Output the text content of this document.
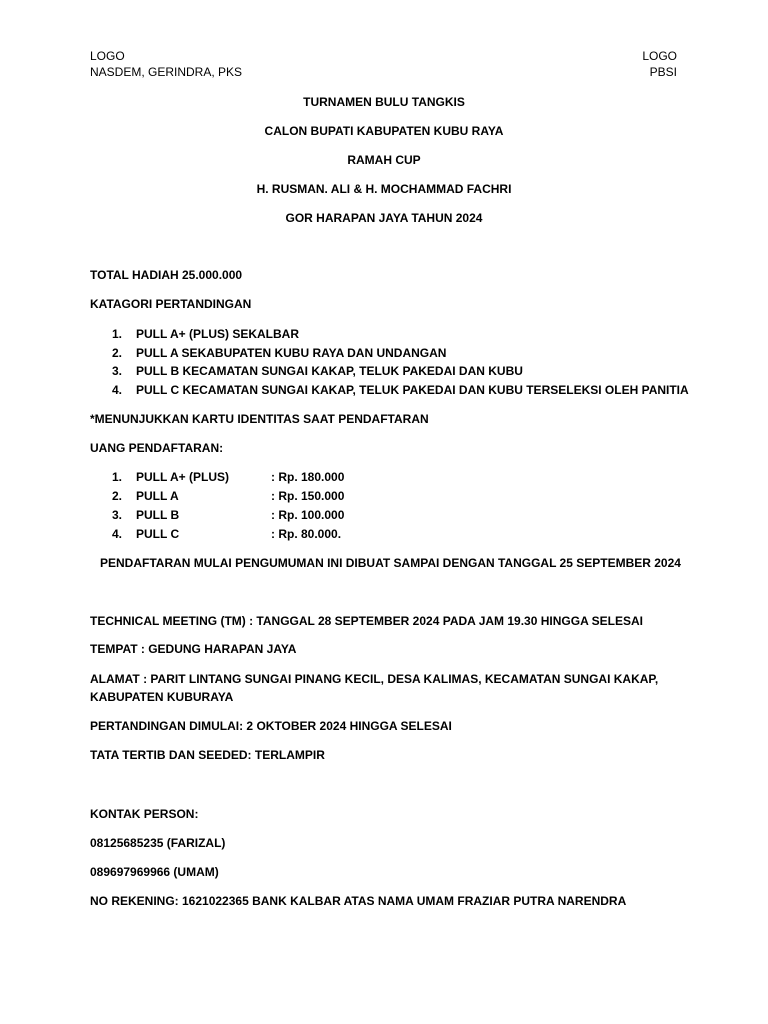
LOGO
NASDEM, GERINDRA, PKS
LOGO
PBSI
TURNAMEN BULU TANGKIS
CALON BUPATI KABUPATEN KUBU RAYA
RAMAH CUP
H. RUSMAN. ALI & H. MOCHAMMAD FACHRI
GOR HARAPAN JAYA TAHUN 2024
TOTAL HADIAH 25.000.000
KATAGORI PERTANDINGAN
1. PULL A+ (PLUS) SEKALBAR
2. PULL A SEKABUPATEN KUBU RAYA DAN UNDANGAN
3. PULL B KECAMATAN SUNGAI KAKAP, TELUK PAKEDAI DAN KUBU
4. PULL C KECAMATAN SUNGAI KAKAP, TELUK PAKEDAI DAN KUBU TERSELEKSI OLEH PANITIA
*MENUNJUKKAN KARTU IDENTITAS SAAT PENDAFTARAN
UANG PENDAFTARAN:
1. PULL A+ (PLUS)	: Rp. 180.000
2. PULL A	: Rp. 150.000
3. PULL B	: Rp. 100.000
4. PULL C	: Rp. 80.000.
PENDAFTARAN MULAI PENGUMUMAN INI DIBUAT SAMPAI DENGAN TANGGAL 25 SEPTEMBER 2024
TECHNICAL MEETING (TM) : TANGGAL 28 SEPTEMBER 2024 PADA JAM 19.30 HINGGA SELESAI
TEMPAT : GEDUNG HARAPAN JAYA
ALAMAT : PARIT LINTANG SUNGAI PINANG KECIL, DESA KALIMAS, KECAMATAN SUNGAI KAKAP,
KABUPATEN KUBURAYA
PERTANDINGAN DIMULAI: 2 OKTOBER 2024 HINGGA SELESAI
TATA TERTIB DAN SEEDED: TERLAMPIR
KONTAK PERSON:
08125685235 (FARIZAL)
089697969966 (UMAM)
NO REKENING: 1621022365 BANK KALBAR ATAS NAMA UMAM FRAZIAR PUTRA NARENDRA
